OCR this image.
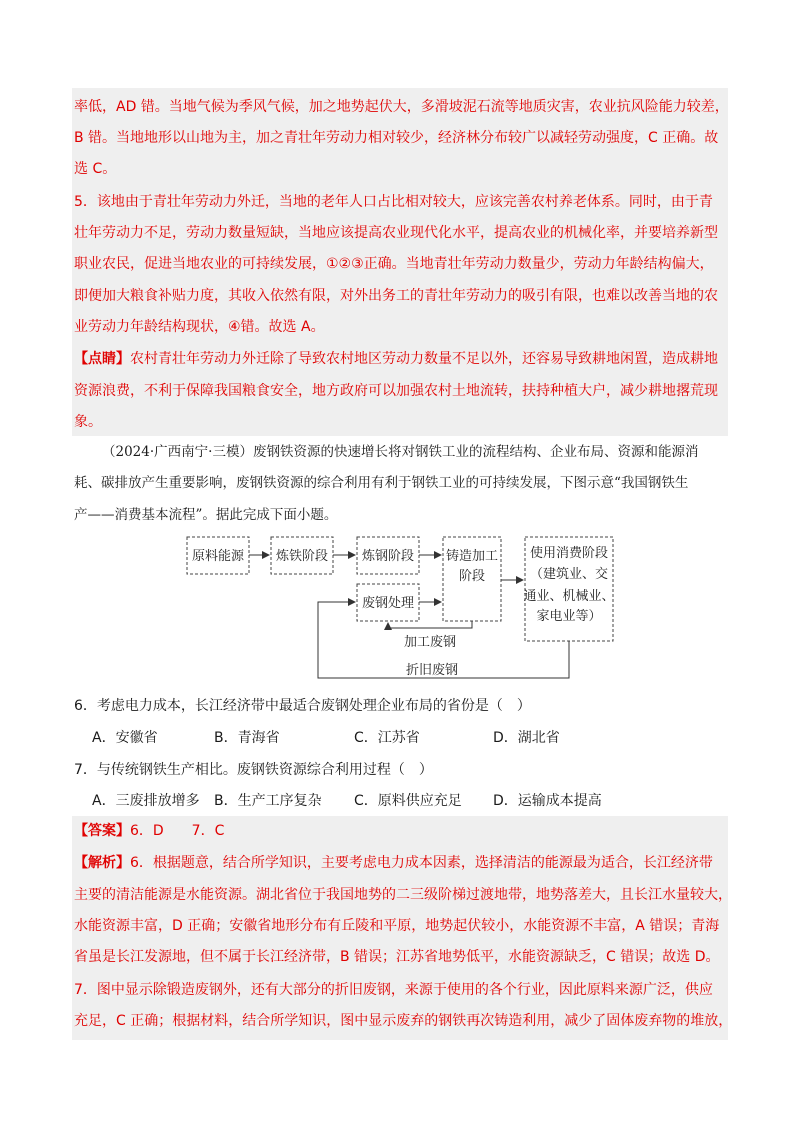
率低，AD 错。当地气候为季风气候，加之地势起伏大，多滑坡泥石流等地质灾害，农业抗风险能力较差，
B 错。当地地形以山地为主，加之青壮年劳动力相对较少，经济林分布较广以减轻劳动强度，C 正确。故
选 C。
5．该地由于青壮年劳动力外迁，当地的老年人口占比相对较大，应该完善农村养老体系。同时，由于青
壮年劳动力不足，劳动力数量短缺，当地应该提高农业现代化水平，提高农业的机械化率，并要培养新型
职业农民，促进当地农业的可持续发展，①②③正确。当地青壮年劳动力数量少，劳动力年龄结构偏大，
即便加大粮食补贴力度，其收入依然有限，对外出务工的青壮年劳动力的吸引有限，也难以改善当地的农
业劳动力年龄结构现状，④错。故选 A。
【点睛】农村青壮年劳动力外迁除了导致农村地区劳动力数量不足以外，还容易导致耕地闲置，造成耕地
资源浪费，不利于保障我国粮食安全，地方政府可以加强农村土地流转，扶持种植大户，减少耕地撂荒现
象。
（2024·广西南宁·三模）废钢铁资源的快速增长将对钢铁工业的流程结构、企业布局、资源和能源消
耗、碳排放产生重要影响，废钢铁资源的综合利用有利于钢铁工业的可持续发展，下图示意“我国钢铁生
产——消费基本流程”。据此完成下面小题。
原料能源 炼铁阶段	炼钢阶段 铸造加工
阶段
使用消费阶段
（建筑业、交
通业、机械业、
家电业等）
废钢处理
加工废钢
折旧废钢
6．考虑电力成本，长江经济带中最适合废钢处理企业布局的省份是（　）
A．安徽省	B．青海省	C．江苏省	D．湖北省
7．与传统钢铁生产相比。废钢铁资源综合利用过程（　）
A．三废排放增多 B．生产工序复杂 C．原料供应充足 D．运输成本提高
【答案】6．D　　7．C
【解析】6．根据题意，结合所学知识，主要考虑电力成本因素，选择清洁的能源最为适合，长江经济带
主要的清洁能源是水能资源。湖北省位于我国地势的二三级阶梯过渡地带，地势落差大，且长江水量较大，
水能资源丰富，D 正确；安徽省地形分布有丘陵和平原，地势起伏较小，水能资源不丰富，A 错误；青海
省虽是长江发源地，但不属于长江经济带，B 错误；江苏省地势低平，水能资源缺乏，C 错误；故选 D。
7．图中显示除锻造废钢外，还有大部分的折旧废钢，来源于使用的各个行业，因此原料来源广泛，供应
充足，C 正确；根据材料，结合所学知识，图中显示废弃的钢铁再次铸造利用，减少了固体废弃物的堆放，
